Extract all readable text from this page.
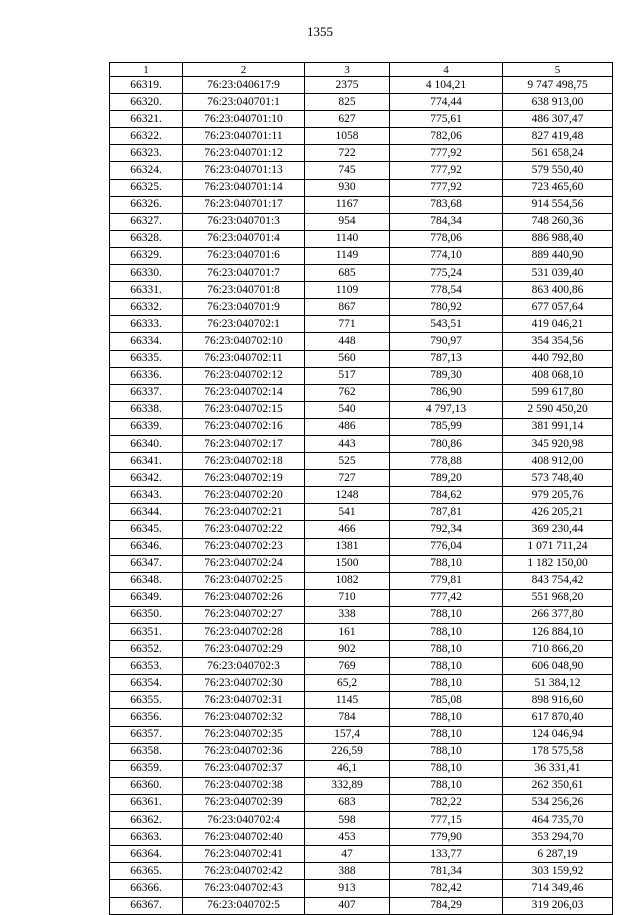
1355
1	2	3	4	5
66319.	76:23:040617:9	2375	4 104,21	9 747 498,75
66320.	76:23:040701:1	825	774,44	638 913,00
66321.	76:23:040701:10	627	775,61	486 307,47
66322.	76:23:040701:11	1058	782,06	827 419,48
66323.	76:23:040701:12	722	777,92	561 658,24
66324.	76:23:040701:13	745	777,92	579 550,40
66325.	76:23:040701:14	930	777,92	723 465,60
66326.	76:23:040701:17	1167	783,68	914 554,56
66327.	76:23:040701:3	954	784,34	748 260,36
66328.	76:23:040701:4	1140	778,06	886 988,40
66329.	76:23:040701:6	1149	774,10	889 440,90
66330.	76:23:040701:7	685	775,24	531 039,40
66331.	76:23:040701:8	1109	778,54	863 400,86
66332.	76:23:040701:9	867	780,92	677 057,64
66333.	76:23:040702:1	771	543,51	419 046,21
66334.	76:23:040702:10	448	790,97	354 354,56
66335.	76:23:040702:11	560	787,13	440 792,80
66336.	76:23:040702:12	517	789,30	408 068,10
66337.	76:23:040702:14	762	786,90	599 617,80
66338.	76:23:040702:15	540	4 797,13	2 590 450,20
66339.	76:23:040702:16	486	785,99	381 991,14
66340.	76:23:040702:17	443	780,86	345 920,98
66341.	76:23:040702:18	525	778,88	408 912,00
66342.	76:23:040702:19	727	789,20	573 748,40
66343.	76:23:040702:20	1248	784,62	979 205,76
66344.	76:23:040702:21	541	787,81	426 205,21
66345.	76:23:040702:22	466	792,34	369 230,44
66346.	76:23:040702:23	1381	776,04	1 071 711,24
66347.	76:23:040702:24	1500	788,10	1 182 150,00
66348.	76:23:040702:25	1082	779,81	843 754,42
66349.	76:23:040702:26	710	777,42	551 968,20
66350.	76:23:040702:27	338	788,10	266 377,80
66351.	76:23:040702:28	161	788,10	126 884,10
66352.	76:23:040702:29	902	788,10	710 866,20
66353.	76:23:040702:3	769	788,10	606 048,90
66354.	76:23:040702:30	65,2	788,10	51 384,12
66355.	76:23:040702:31	1145	785,08	898 916,60
66356.	76:23:040702:32	784	788,10	617 870,40
66357.	76:23:040702:35	157,4	788,10	124 046,94
66358.	76:23:040702:36	226,59	788,10	178 575,58
66359.	76:23:040702:37	46,1	788,10	36 331,41
66360.	76:23:040702:38	332,89	788,10	262 350,61
66361.	76:23:040702:39	683	782,22	534 256,26
66362.	76:23:040702:4	598	777,15	464 735,70
66363.	76:23:040702:40	453	779,90	353 294,70
66364.	76:23:040702:41	47	133,77	6 287,19
66365.	76:23:040702:42	388	781,34	303 159,92
66366.	76:23:040702:43	913	782,42	714 349,46
66367.	76:23:040702:5	407	784,29	319 206,03
